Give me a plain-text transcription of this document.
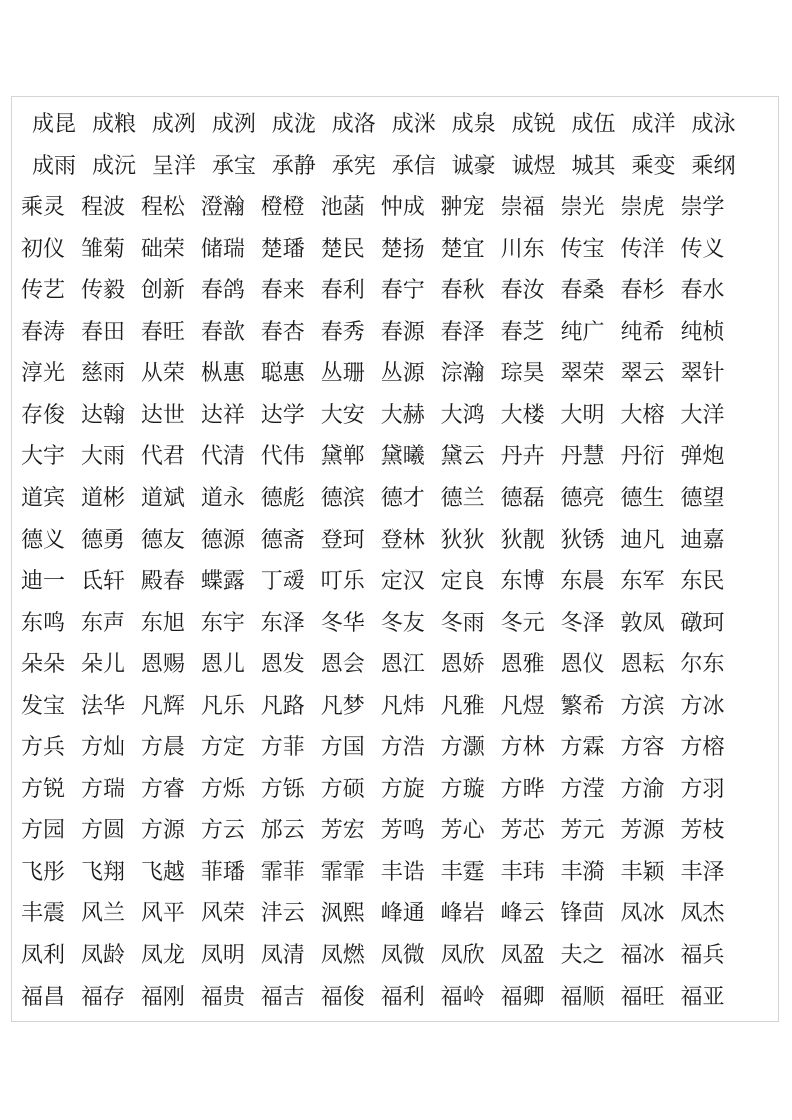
成昆 成粮 成冽 成洌 成泷 成洛 成洣 成泉 成锐 成伍 成洋 成泳
成雨 成沅 呈洋 承宝 承静 承宪 承信 诚豪 诚煜 城其 乘变 乘纲
乘灵 程波 程松 澄瀚 橙橙 池菡 忡成 翀宠 崇福 崇光 崇虎 崇学
初仪 雏菊 础荣 储瑞 楚璠 楚民 楚扬 楚宜 川东 传宝 传洋 传义
传艺 传毅 创新 春鸽 春来 春利 春宁 春秋 春汝 春桑 春杉 春水
春涛 春田 春旺 春歆 春杏 春秀 春源 春泽 春芝 纯广 纯希 纯桢
淳光 慈雨 从荣 枞惠 聪惠 丛珊 丛源 淙瀚 琮昊 翠荣 翠云 翠针
存俊 达翰 达世 达祥 达学 大安 大赫 大鸿 大楼 大明 大榕 大洋
大宇 大雨 代君 代清 代伟 黛郸 黛曦 黛云 丹卉 丹慧 丹衍 弹炮
道宾 道彬 道斌 道永 德彪 德滨 德才 德兰 德磊 德亮 德生 德望
德义 德勇 德友 德源 德斋 登珂 登林 狄狄 狄靓 狄锈 迪凡 迪嘉
迪一 氐轩 殿春 蝶露 丁叆 叮乐 定汉 定良 东博 东晨 东军 东民
东鸣 东声 东旭 东宇 东泽 冬华 冬友 冬雨 冬元 冬泽 敦凤 礅珂
朵朵 朵儿 恩赐 恩儿 恩发 恩会 恩江 恩娇 恩雅 恩仪 恩耘 尔东
发宝 法华 凡辉 凡乐 凡路 凡梦 凡炜 凡雅 凡煜 繁希 方滨 方冰
方兵 方灿 方晨 方定 方菲 方国 方浩 方灏 方林 方霖 方容 方榕
方锐 方瑞 方睿 方烁 方铄 方硕 方旋 方璇 方晔 方滢 方渝 方羽
方园 方圆 方源 方云 邡云 芳宏 芳鸣 芳心 芳芯 芳元 芳源 芳枝
飞彤 飞翔 飞越 菲璠 霏菲 霏霏 丰诰 丰霆 丰玮 丰漪 丰颖 丰泽
丰震 风兰 风平 风荣 沣云 沨熙 峰通 峰岩 峰云 锋茴 凤冰 凤杰
凤利 凤龄 凤龙 凤明 凤清 凤燃 凤微 凤欣 凤盈 夫之 福冰 福兵
福昌 福存 福刚 福贵 福吉 福俊 福利 福岭 福卿 福顺 福旺 福亚
